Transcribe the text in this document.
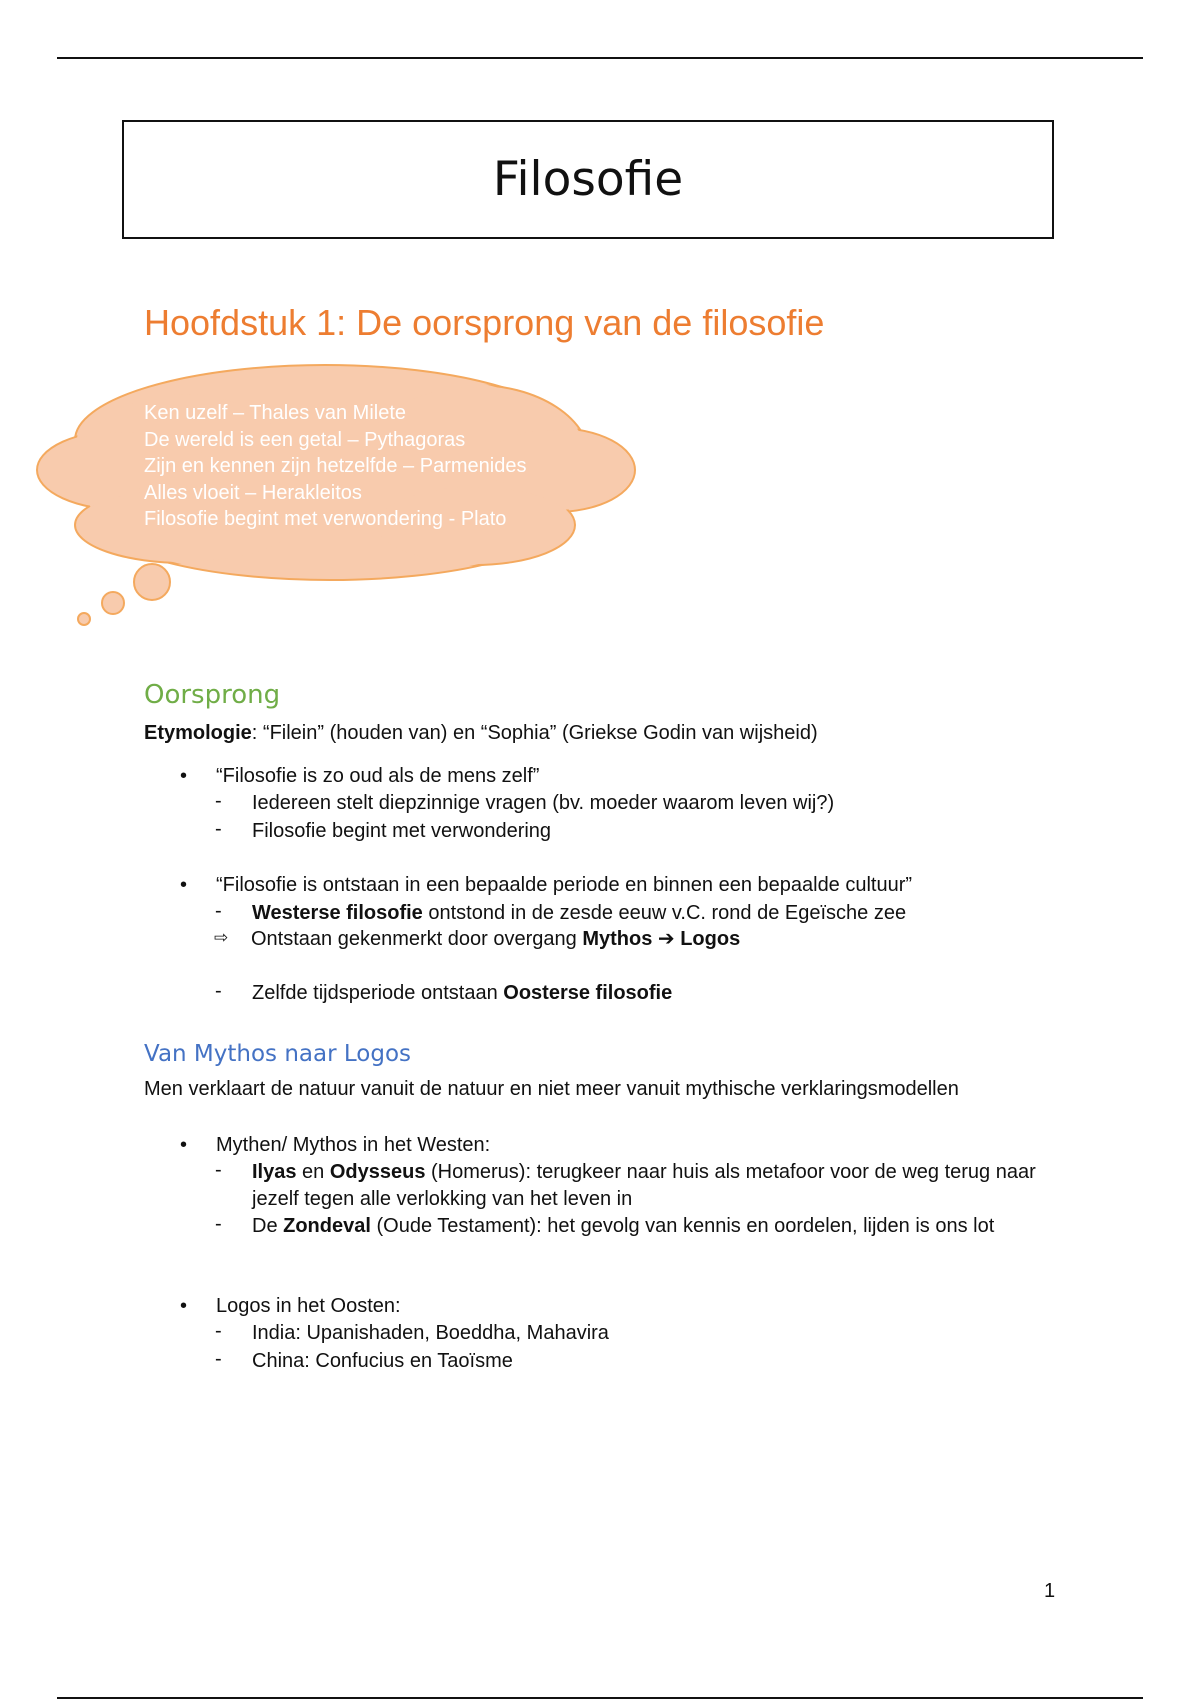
Filosofie
Hoofdstuk 1: De oorsprong van de filosofie
Ken uzelf – Thales van Milete
De wereld is een getal – Pythagoras
Zijn en kennen zijn hetzelfde – Parmenides
Alles vloeit – Herakleitos
Filosofie begint met verwondering - Plato
Oorsprong
Etymologie: “Filein” (houden van) en “Sophia” (Griekse Godin van wijsheid)
• “Filosofie is zo oud als de mens zelf”
- Iedereen stelt diepzinnige vragen (bv. moeder waarom leven wij?)
- Filosofie begint met verwondering
• “Filosofie is ontstaan in een bepaalde periode en binnen een bepaalde cultuur”
- Westerse filosofie ontstond in de zesde eeuw v.C. rond de Egeïsche zee
⇨ Ontstaan gekenmerkt door overgang Mythos ➔ Logos
- Zelfde tijdsperiode ontstaan Oosterse filosofie
Van Mythos naar Logos
Men verklaart de natuur vanuit de natuur en niet meer vanuit mythische verklaringsmodellen
• Mythen/ Mythos in het Westen:
- Ilyas en Odysseus (Homerus): terugkeer naar huis als metafoor voor de weg terug naar jezelf tegen alle verlokking van het leven in
- De Zondeval (Oude Testament): het gevolg van kennis en oordelen, lijden is ons lot
• Logos in het Oosten:
- India: Upanishaden, Boeddha, Mahavira
- China: Confucius en Taoïsme
1
